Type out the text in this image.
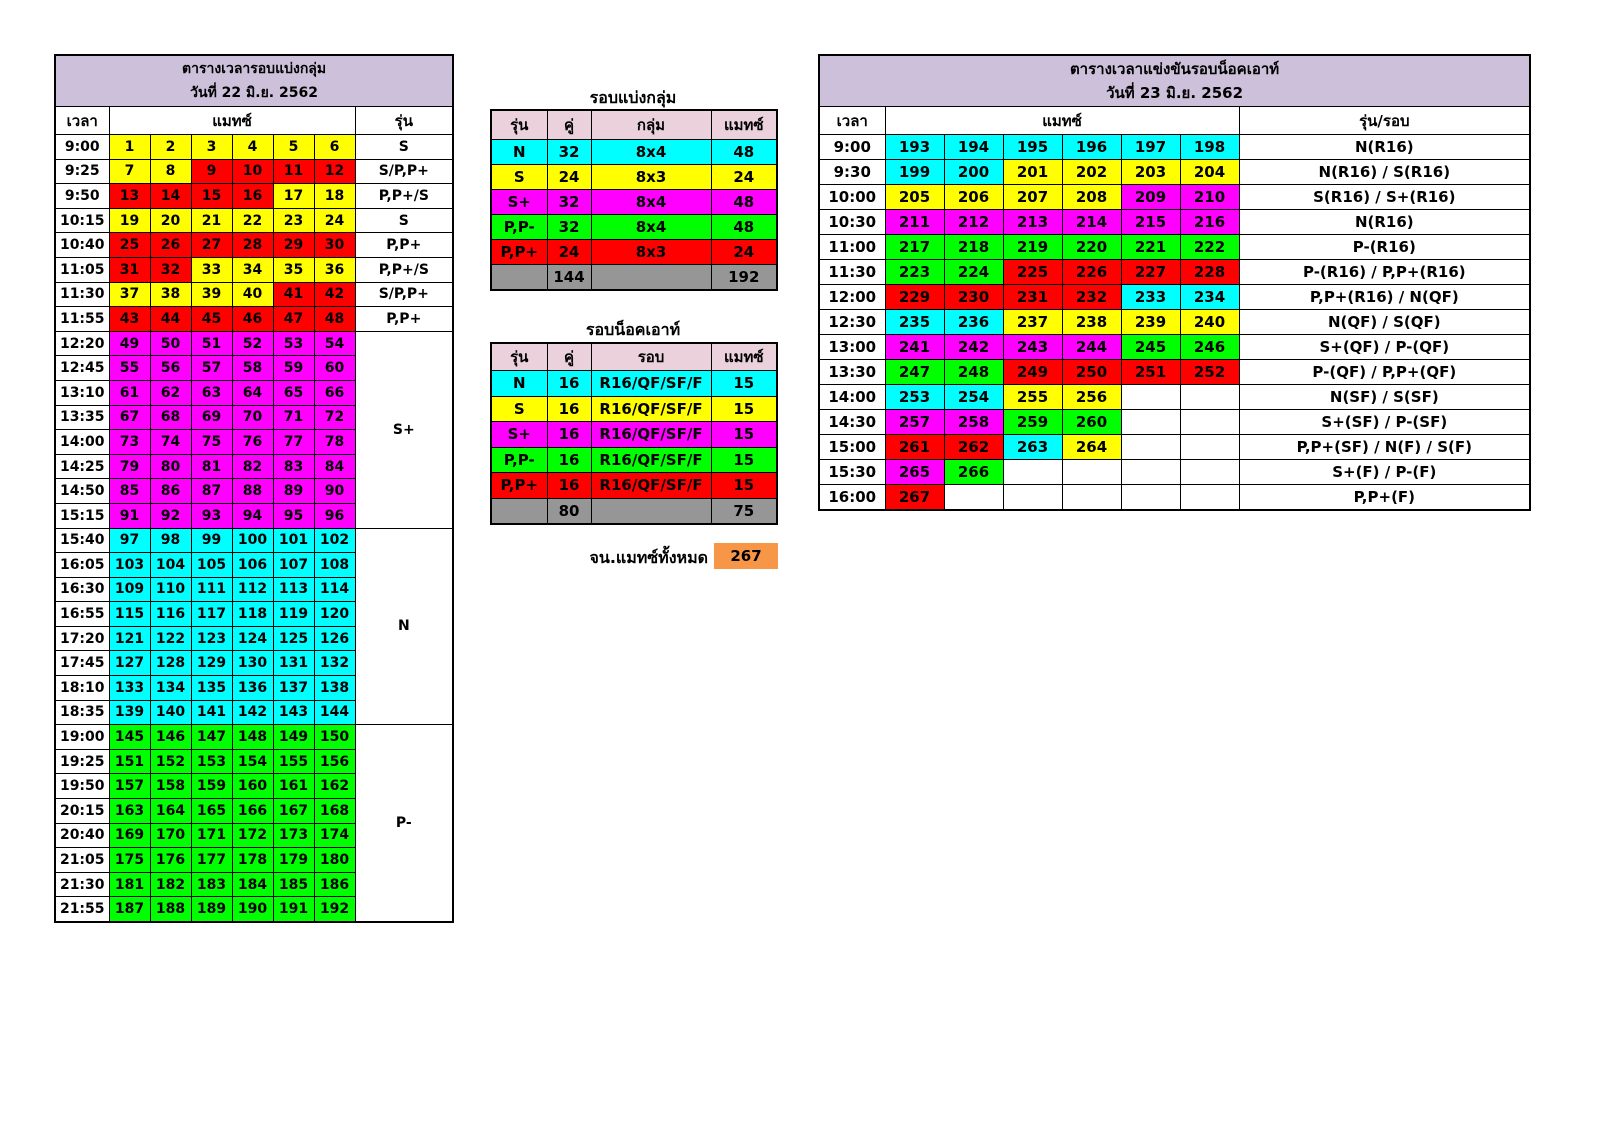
ตารางเวลารอบแบ่งกลุ่ม
วันที่ 22 มิ.ย. 2562							

เวลา	แมทซ์						รุ่น
9:00	1	2	3	4	5	6	S
9:25	7	8	9	10	11	12	S/P,P+
9:50	13	14	15	16	17	18	P,P+/S
10:15	19	20	21	22	23	24	S
10:40	25	26	27	28	29	30	P,P+
11:05	31	32	33	34	35	36	P,P+/S
11:30	37	38	39	40	41	42	S/P,P+
11:55	43	44	45	46	47	48	P,P+
12:20	49	50	51	52	53	54	S+
12:45	55	56	57	58	59	60	
13:10	61	62	63	64	65	66	
13:35	67	68	69	70	71	72	
14:00	73	74	75	76	77	78	
14:25	79	80	81	82	83	84	
14:50	85	86	87	88	89	90	
15:15	91	92	93	94	95	96	
15:40	97	98	99	100	101	102	N
16:05	103	104	105	106	107	108	
16:30	109	110	111	112	113	114	
16:55	115	116	117	118	119	120	
17:20	121	122	123	124	125	126	
17:45	127	128	129	130	131	132	
18:10	133	134	135	136	137	138	
18:35	139	140	141	142	143	144	
19:00	145	146	147	148	149	150	P-
19:25	151	152	153	154	155	156	
19:50	157	158	159	160	161	162	
20:15	163	164	165	166	167	168	
20:40	169	170	171	172	173	174	
21:05	175	176	177	178	179	180	
21:30	181	182	183	184	185	186	
21:55	187	188	189	190	191	192	
รอบแบ่งกลุ่ม
รอบน็อคเอาท์
รุ่น	คู่	กลุ่ม	แมทซ์
N	32	8x4	48
S	24	8x3	24
S+	32	8x4	48
P,P-	32	8x4	48
P,P+	24	8x3	24
	144		192
รุ่น	คู่	รอบ	แมทซ์
N	16	R16/QF/SF/F	15
S	16	R16/QF/SF/F	15
S+	16	R16/QF/SF/F	15
P,P-	16	R16/QF/SF/F	15
P,P+	16	R16/QF/SF/F	15
	80		75
จน.แมทซ์ทั้งหมด	267
ตารางเวลาแข่งขันรอบน็อคเอาท์
วันที่ 23 มิ.ย. 2562							

เวลา	แมทซ์						รุ่น/รอบ
9:00	193	194	195	196	197	198	N(R16)
9:30	199	200	201	202	203	204	N(R16) / S(R16)
10:00	205	206	207	208	209	210	S(R16) / S+(R16)
10:30	211	212	213	214	215	216	N(R16)
11:00	217	218	219	220	221	222	P-(R16)
11:30	223	224	225	226	227	228	P-(R16) / P,P+(R16)
12:00	229	230	231	232	233	234	P,P+(R16) / N(QF)
12:30	235	236	237	238	239	240	N(QF) / S(QF)
13:00	241	242	243	244	245	246	S+(QF) / P-(QF)
13:30	247	248	249	250	251	252	P-(QF) / P,P+(QF)
14:00	253	254	255	256			N(SF) / S(SF)
14:30	257	258	259	260			S+(SF) / P-(SF)
15:00	261	262	263	264			P,P+(SF) / N(F) / S(F)
15:30	265	266					S+(F) / P-(F)
16:00	267						P,P+(F)
